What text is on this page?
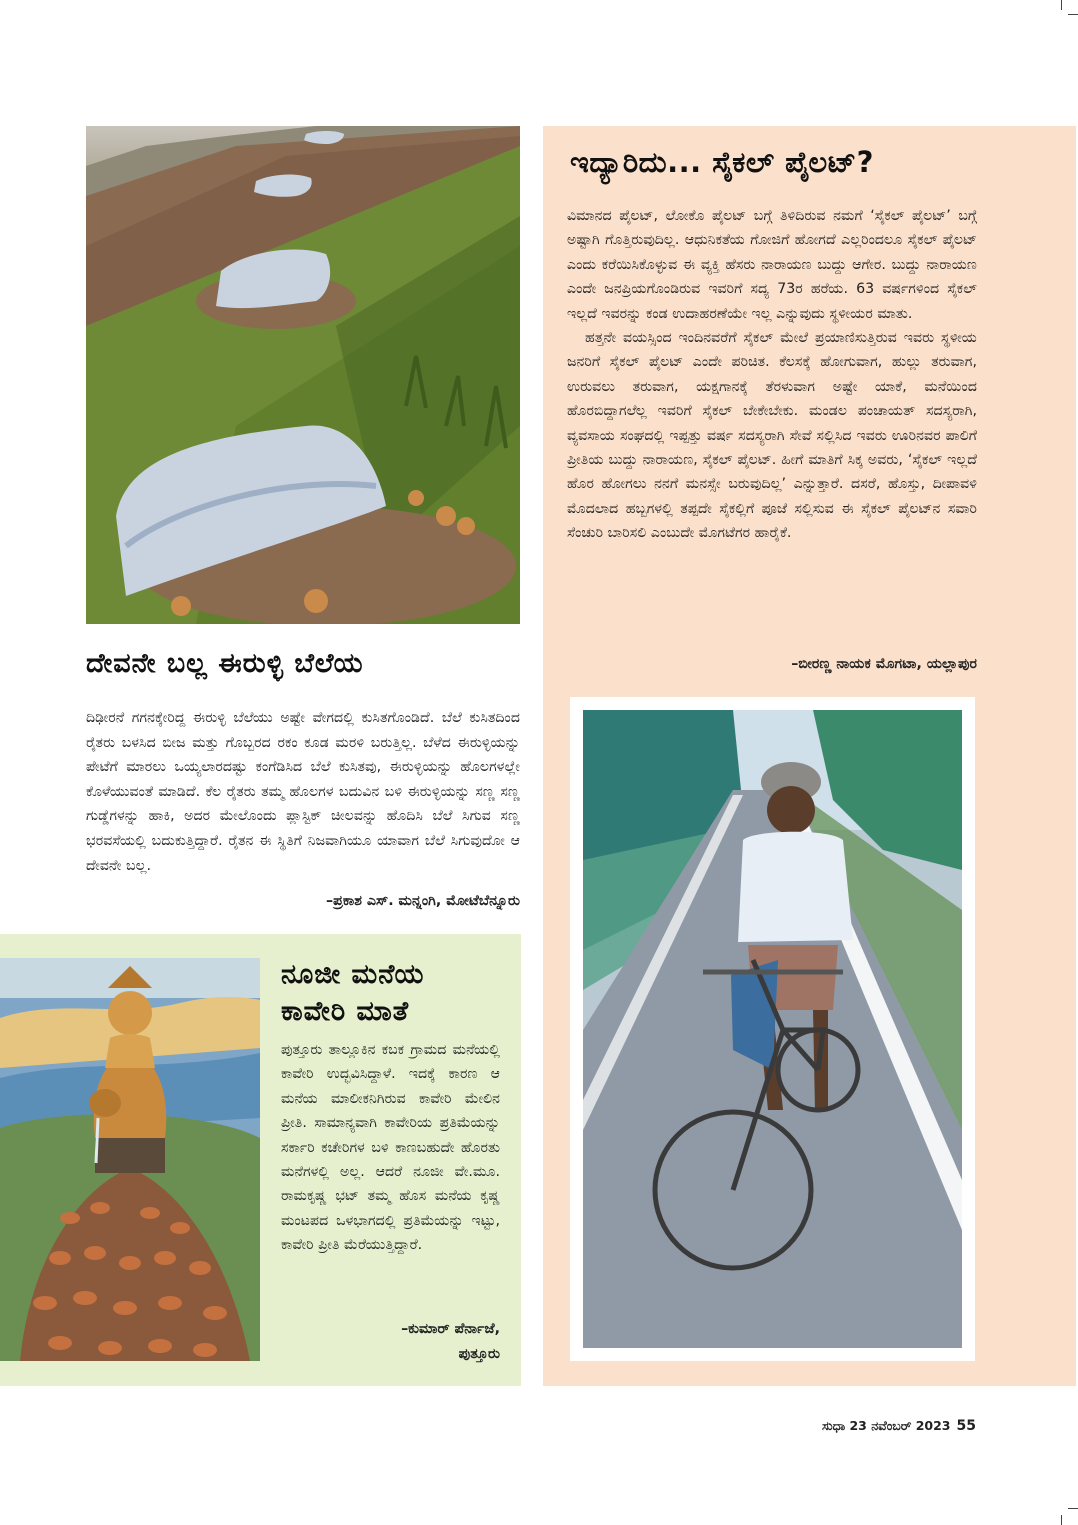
ದೇವನೇ ಬಲ್ಲ ಈರುಳ್ಳಿ ಬೆಲೆಯ
ದಿಢೀರನೆ ಗಗನಕ್ಕೇರಿದ್ದ ಈರುಳ್ಳಿ ಬೆಲೆಯು ಅಷ್ಟೇ ವೇಗದಲ್ಲಿ ಕುಸಿತಗೊಂಡಿದೆ. ಬೆಲೆ ಕುಸಿತದಿಂದ ರೈತರು ಬಳಸಿದ ಬೀಜ ಮತ್ತು ಗೊಬ್ಬರದ ರಕಂ ಕೂಡ ಮರಳಿ ಬರುತ್ತಿಲ್ಲ. ಬೆಳೆದ ಈರುಳ್ಳಿಯನ್ನು ಪೇಟೆಗೆ ಮಾರಲು ಒಯ್ಯಲಾರದಷ್ಟು ಕಂಗೆಡಿಸಿದ ಬೆಲೆ ಕುಸಿತವು, ಈರುಳ್ಳಿಯನ್ನು ಹೊಲಗಳಲ್ಲೇ ಕೊಳೆಯುವಂತೆ ಮಾಡಿದೆ. ಕೆಲ ರೈತರು ತಮ್ಮ ಹೊಲಗಳ ಬದುವಿನ ಬಳಿ ಈರುಳ್ಳಿಯನ್ನು ಸಣ್ಣ ಸಣ್ಣ ಗುಡ್ಡೆಗಳನ್ನು ಹಾಕಿ, ಅದರ ಮೇಲೊಂದು ಪ್ಲಾಸ್ಟಿಕ್ ಚೀಲವನ್ನು ಹೊದಿಸಿ ಬೆಲೆ ಸಿಗುವ ಸಣ್ಣ ಭರವಸೆಯಲ್ಲಿ ಬದುಕುತ್ತಿದ್ದಾರೆ. ರೈತನ ಈ ಸ್ಥಿತಿಗೆ ನಿಜವಾಗಿಯೂ ಯಾವಾಗ ಬೆಲೆ ಸಿಗುವುದೋ ಆ ದೇವನೇ ಬಲ್ಲ.
–ಪ್ರಕಾಶ ಎಸ್. ಮನ್ನಂಗಿ, ಮೋಟೆಬೆನ್ನೂರು
ನೂಜೀ ಮನೆಯ
ಕಾವೇರಿ ಮಾತೆ
ಪುತ್ತೂರು ತಾಲ್ಲೂಕಿನ ಕಬಕ ಗ್ರಾಮದ ಮನೆಯಲ್ಲಿ ಕಾವೇರಿ ಉದ್ಭವಿಸಿದ್ದಾಳೆ. ಇದಕ್ಕೆ ಕಾರಣ ಆ ಮನೆಯ ಮಾಲೀಕನಿಗಿರುವ ಕಾವೇರಿ ಮೇಲಿನ ಪ್ರೀತಿ. ಸಾಮಾನ್ಯವಾಗಿ ಕಾವೇರಿಯ ಪ್ರತಿಮೆಯನ್ನು ಸರ್ಕಾರಿ ಕಚೇರಿಗಳ ಬಳಿ ಕಾಣಬಹುದೇ ಹೊರತು ಮನೆಗಳಲ್ಲಿ ಅಲ್ಲ. ಆದರೆ ನೂಜೀ ವೇ.ಮೂ. ರಾಮಕೃಷ್ಣ ಭಟ್ ತಮ್ಮ ಹೊಸ ಮನೆಯ ಕೃಷ್ಣ ಮಂಟಪದ ಒಳಭಾಗದಲ್ಲಿ ಪ್ರತಿಮೆಯನ್ನು ಇಟ್ಟು, ಕಾವೇರಿ ಪ್ರೀತಿ ಮೆರೆಯುತ್ತಿದ್ದಾರೆ.
–ಕುಮಾರ್ ಪೆರ್ನಾಜೆ,
ಪುತ್ತೂರು
ಇದ್ಯಾರಿದು... ಸೈಕಲ್ ಪೈಲಟ್?

ವಿಮಾನದ ಪೈಲಟ್, ಲೋಕೊ ಪೈಲಟ್ ಬಗ್ಗೆ ತಿಳಿದಿರುವ ನಮಗೆ ‘ಸೈಕಲ್ ಪೈಲಟ್’ ಬಗ್ಗೆ ಅಷ್ಟಾಗಿ ಗೊತ್ತಿರುವುದಿಲ್ಲ. ಆಧುನಿಕತೆಯ ಗೋಜಿಗೆ ಹೋಗದೆ ಎಲ್ಲರಿಂದಲೂ ಸೈಕಲ್ ಪೈಲಟ್ ಎಂದು ಕರೆಯಿಸಿಕೊಳ್ಳುವ ಈ ವ್ಯಕ್ತಿ ಹೆಸರು ನಾರಾಯಣ ಬುದ್ದು ಆಗೇರ. ಬುದ್ದು ನಾರಾಯಣ ಎಂದೇ ಜನಪ್ರಿಯಗೊಂಡಿರುವ ಇವರಿಗೆ ಸದ್ಯ 73ರ ಹರೆಯ. 63 ವರ್ಷಗಳಿಂದ ಸೈಕಲ್ ಇಲ್ಲದೆ ಇವರನ್ನು ಕಂಡ ಉದಾಹರಣೆಯೇ ಇಲ್ಲ ಎನ್ನುವುದು ಸ್ಥಳೀಯರ ಮಾತು.

ಹತ್ತನೇ ವಯಸ್ಸಿಂದ ಇಂದಿನವರೆಗೆ ಸೈಕಲ್ ಮೇಲೆ ಪ್ರಯಾಣಿಸುತ್ತಿರುವ ಇವರು ಸ್ಥಳೀಯ ಜನರಿಗೆ ಸೈಕಲ್ ಪೈಲಟ್ ಎಂದೇ ಪರಿಚಿತ. ಕೆಲಸಕ್ಕೆ ಹೋಗುವಾಗ, ಹುಲ್ಲು ತರುವಾಗ, ಉರುವಲು ತರುವಾಗ, ಯಕ್ಷಗಾನಕ್ಕೆ ತೆರಳುವಾಗ ಅಷ್ಟೇ ಯಾಕೆ, ಮನೆಯಿಂದ ಹೊರಬಿದ್ದಾಗಲೆಲ್ಲ ಇವರಿಗೆ ಸೈಕಲ್ ಬೇಕೇಬೇಕು. ಮಂಡಲ ಪಂಚಾಯತ್ ಸದಸ್ಯರಾಗಿ, ವ್ಯವಸಾಯ ಸಂಘದಲ್ಲಿ ಇಪ್ಪತ್ತು ವರ್ಷ ಸದಸ್ಯರಾಗಿ ಸೇವೆ ಸಲ್ಲಿಸಿದ ಇವರು ಊರಿನವರ ಪಾಲಿಗೆ ಪ್ರೀತಿಯ ಬುದ್ದು ನಾರಾಯಣ, ಸೈಕಲ್ ಪೈಲಟ್. ಹೀಗೆ ಮಾತಿಗೆ ಸಿಕ್ಕ ಅವರು, ‘ಸೈಕಲ್ ಇಲ್ಲದೆ ಹೊರ ಹೋಗಲು ನನಗೆ ಮನಸ್ಸೇ ಬರುವುದಿಲ್ಲ’ ಎನ್ನುತ್ತಾರೆ. ದಸರೆ, ಹೊಸ್ತು, ದೀಪಾವಳಿ ಮೊದಲಾದ ಹಬ್ಬಗಳಲ್ಲಿ ತಪ್ಪದೇ ಸೈಕಲ್ಲಿಗೆ ಪೂಜೆ ಸಲ್ಲಿಸುವ ಈ ಸೈಕಲ್ ಪೈಲಟ್‌ನ ಸವಾರಿ ಸೆಂಚುರಿ ಬಾರಿಸಲಿ ಎಂಬುದೇ ಮೊಗಟೆಗರ ಹಾರೈಕೆ.

–ಬೀರಣ್ಣ ನಾಯಕ ಮೊಗಟಾ, ಯಲ್ಲಾಪುರ
ಸುಧಾ 23 ನವೆಂಬರ್ 2023 55
